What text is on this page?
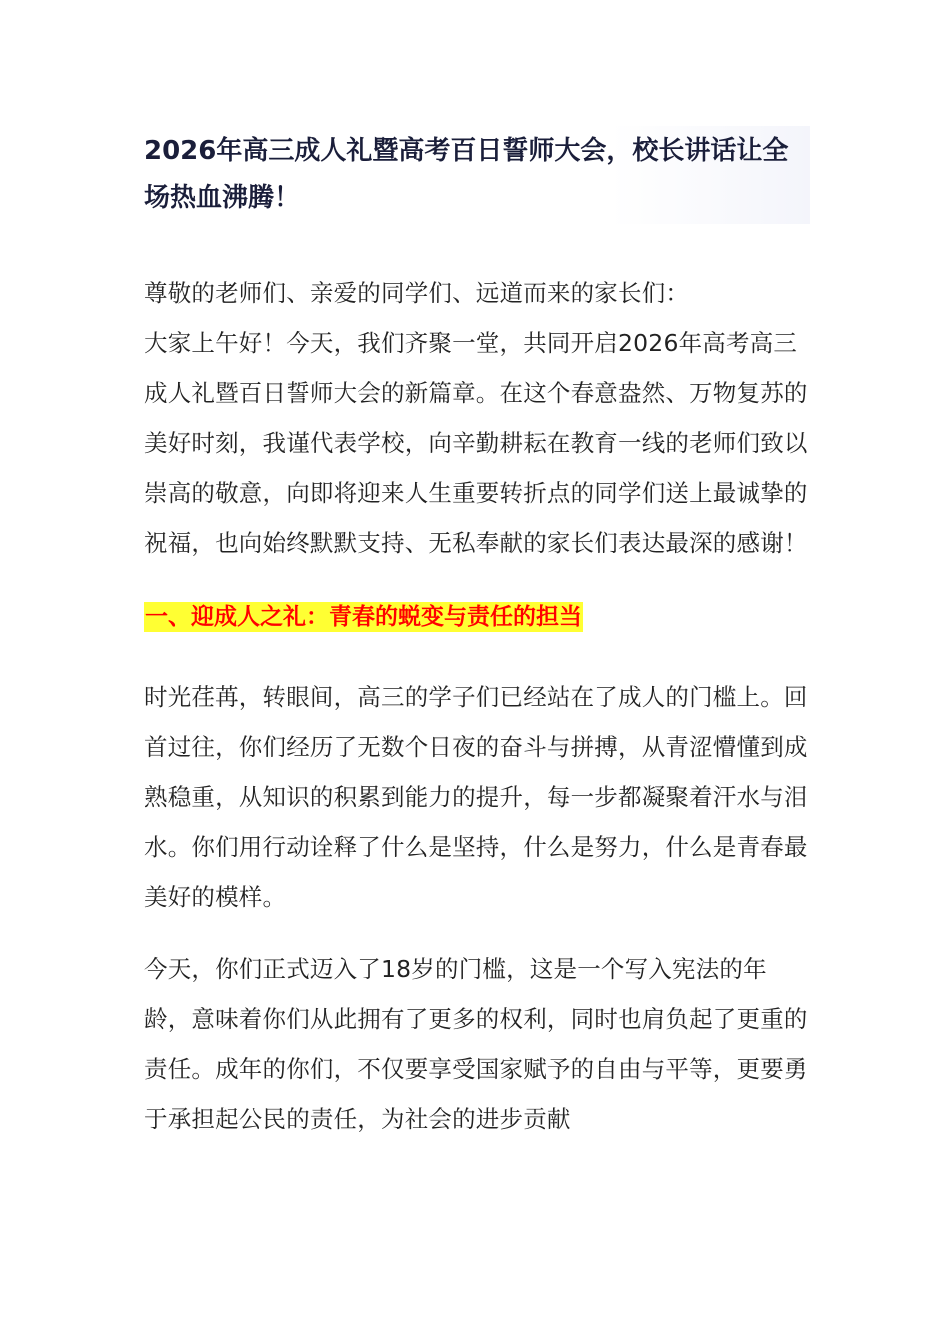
2026年高三成人礼暨高考百日誓师大会，校长讲话让全场热血沸腾！

尊敬的老师们、亲爱的同学们、远道而来的家长们：

大家上午好！今天，我们齐聚一堂，共同开启2026年高考高三成人礼暨百日誓师大会的新篇章。在这个春意盎然、万物复苏的美好时刻，我谨代表学校，向辛勤耕耘在教育一线的老师们致以崇高的敬意，向即将迎来人生重要转折点的同学们送上最诚挚的祝福，也向始终默默支持、无私奉献的家长们表达最深的感谢！

一、迎成人之礼：青春的蜕变与责任的担当

时光荏苒，转眼间，高三的学子们已经站在了成人的门槛上。回首过往，你们经历了无数个日夜的奋斗与拼搏，从青涩懵懂到成熟稳重，从知识的积累到能力的提升，每一步都凝聚着汗水与泪水。你们用行动诠释了什么是坚持，什么是努力，什么是青春最美好的模样。

今天，你们正式迈入了18岁的门槛，这是一个写入宪法的年龄，意味着你们从此拥有了更多的权利，同时也肩负起了更重的责任。成年的你们，不仅要享受国家赋予的自由与平等，更要勇于承担起公民的责任，为社会的进步贡献
